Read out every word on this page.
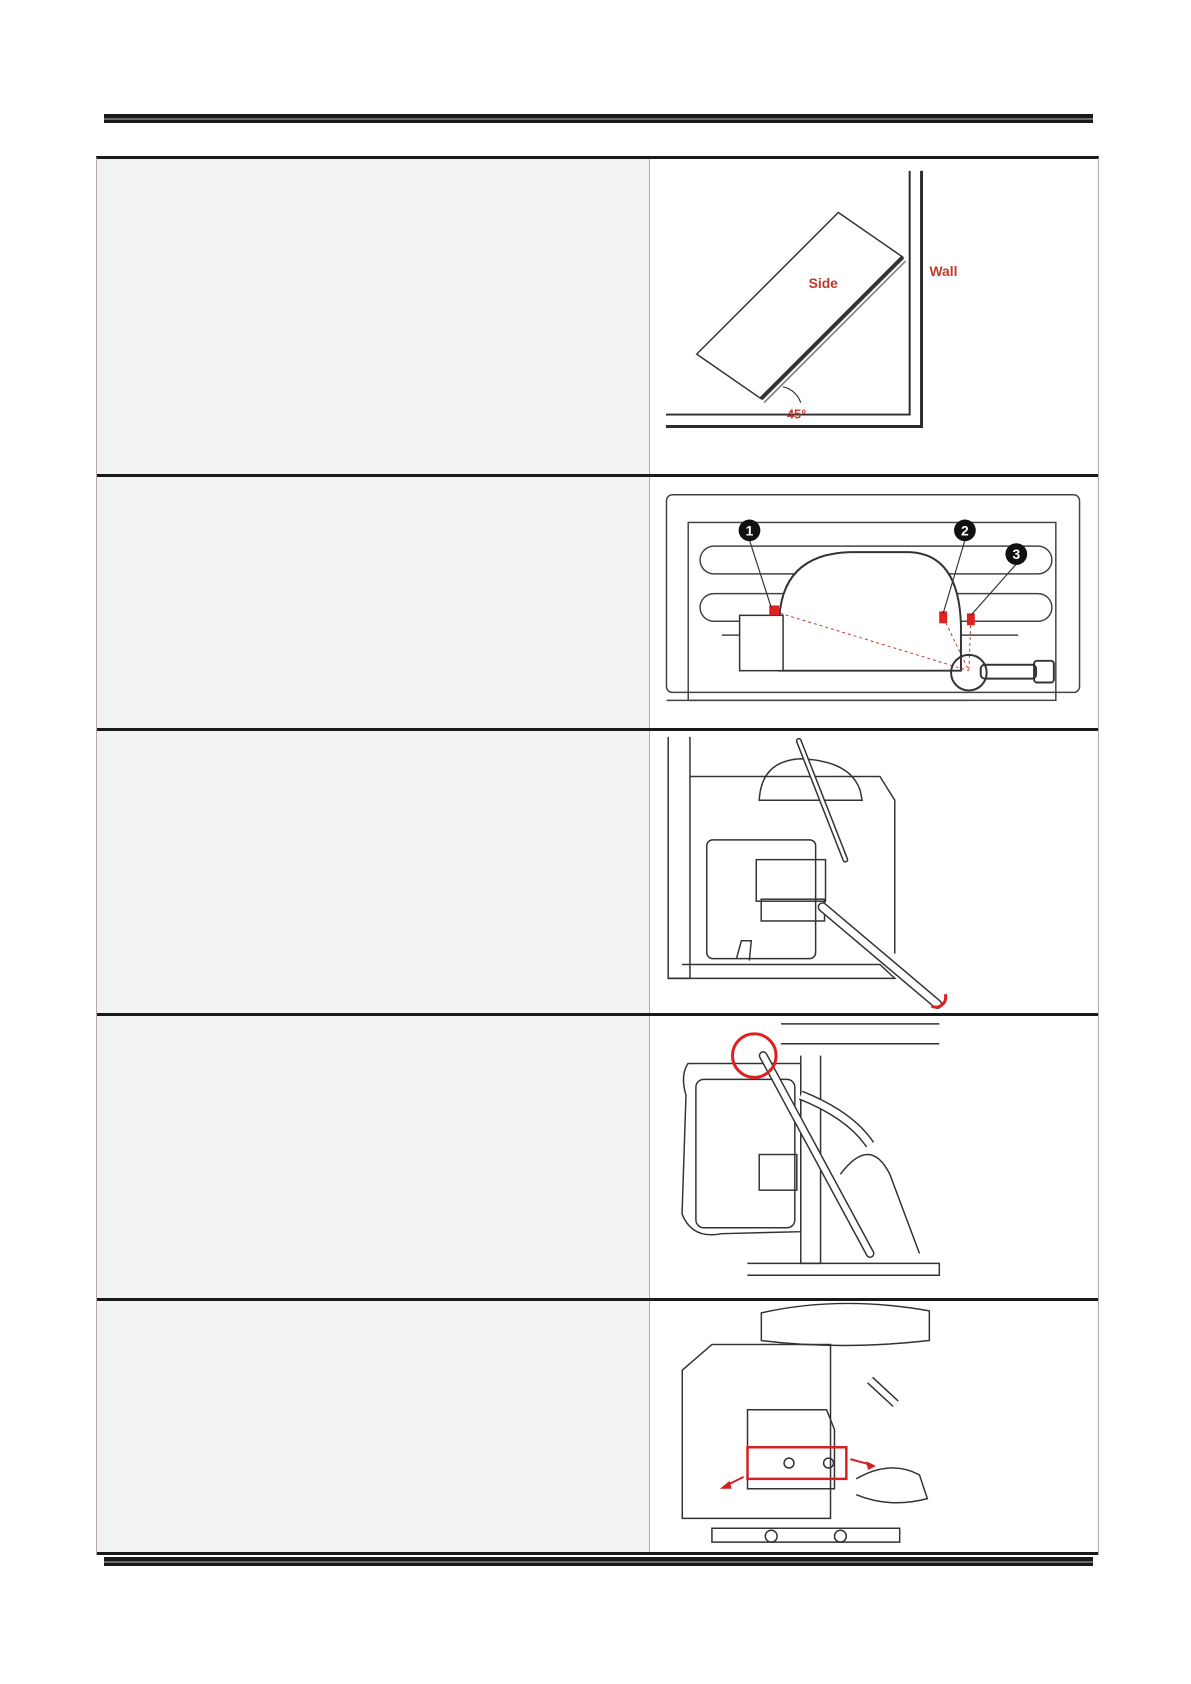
Side
Wall
45°
1	2
3
